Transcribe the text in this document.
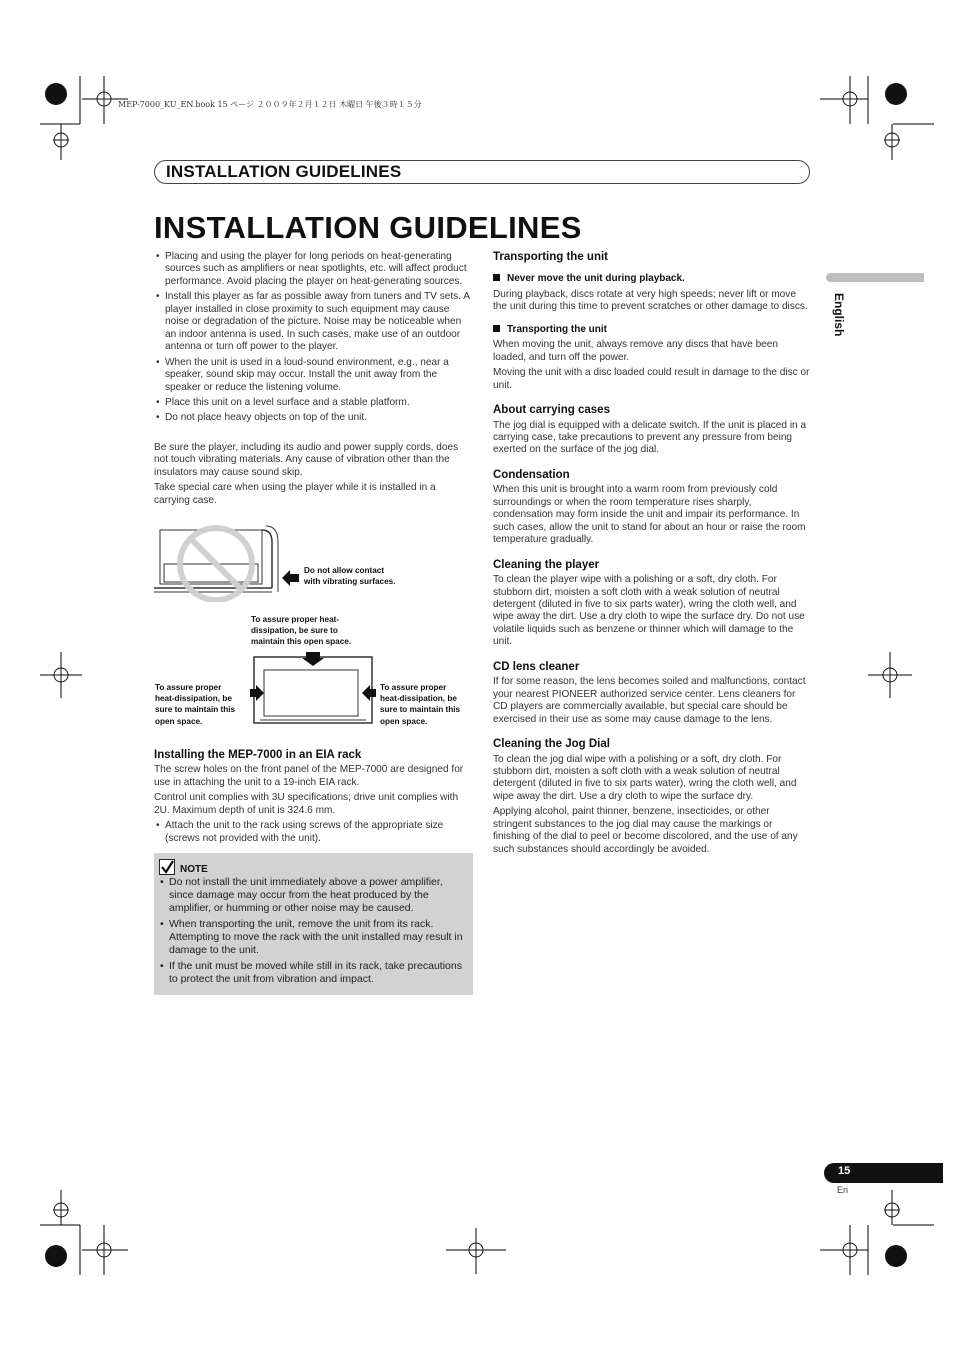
MEP-7000_KU_EN.book 15 ページ ２００９年２月１２日 木曜日 午後３時１５分
INSTALLATION GUIDELINES
INSTALLATION GUIDELINES
English
• Placing and using the player for long periods on heat-generating sources such as amplifiers or near spotlights, etc. will affect product performance. Avoid placing the player on heat-generating sources.
• Install this player as far as possible away from tuners and TV sets. A player installed in close proximity to such equipment may cause noise or degradation of the picture. Noise may be noticeable when an indoor antenna is used. In such cases, make use of an outdoor antenna or turn off power to the player.
• When the unit is used in a loud-sound environment, e.g., near a speaker, sound skip may occur. Install the unit away from the speaker or reduce the listening volume.
• Place this unit on a level surface and a stable platform.
• Do not place heavy objects on top of the unit.

Be sure the player, including its audio and power supply cords, does not touch vibrating materials. Any cause of vibration other than the insulators may cause sound skip.

Take special care when using the player while it is installed in a carrying case.

Do not allow contact
with vibrating surfaces.
To assure proper heat-
dissipation, be sure to
maintain this open space.
To assure proper
heat-dissipation, be
sure to maintain this
open space.
To assure proper
heat-dissipation, be
sure to maintain this
open space.
Installing the MEP-7000 in an EIA rack

The screw holes on the front panel of the MEP-7000 are designed for use in attaching the unit to a 19-inch EIA rack.

Control unit complies with 3U specifications; drive unit complies with 2U. Maximum depth of unit is 324.6 mm.

• Attach the unit to the rack using screws of the appropriate size (screws not provided with the unit).
NOTE
• Do not install the unit immediately above a power amplifier, since damage may occur from the heat produced by the amplifier, or humming or other noise may be caused.
• When transporting the unit, remove the unit from its rack. Attempting to move the rack with the unit installed may result in damage to the unit.
• If the unit must be moved while still in its rack, take precautions to protect the unit from vibration and impact.
Transporting the unit
Never move the unit during playback.

During playback, discs rotate at very high speeds; never lift or move the unit during this time to prevent scratches or other damage to discs.

Transporting the unit

When moving the unit, always remove any discs that have been loaded, and turn off the power.

Moving the unit with a disc loaded could result in damage to the disc or unit.

About carrying cases

The jog dial is equipped with a delicate switch. If the unit is placed in a carrying case, take precautions to prevent any pressure from being exerted on the surface of the jog dial.

Condensation

When this unit is brought into a warm room from previously cold surroundings or when the room temperature rises sharply, condensation may form inside the unit and impair its performance. In such cases, allow the unit to stand for about an hour or raise the room temperature gradually.

Cleaning the player

To clean the player wipe with a polishing or a soft, dry cloth. For stubborn dirt, moisten a soft cloth with a weak solution of neutral detergent (diluted in five to six parts water), wring the cloth well, and wipe away the dirt. Use a dry cloth to wipe the surface dry. Do not use volatile liquids such as benzene or thinner which will damage to the unit.

CD lens cleaner

If for some reason, the lens becomes soiled and malfunctions, contact your nearest PIONEER authorized service center. Lens cleaners for CD players are commercially available, but special care should be exercised in their use as some may cause damage to the lens.

Cleaning the Jog Dial

To clean the jog dial wipe with a polishing or a soft, dry cloth. For stubborn dirt, moisten a soft cloth with a weak solution of neutral detergent (diluted in five to six parts water), wring the cloth well, and wipe away the dirt. Use a dry cloth to wipe the surface dry.

Applying alcohol, paint thinner, benzene, insecticides, or other stringent substances to the jog dial may cause the markings or finishing of the dial to peel or become discolored, and the use of any such substances should accordingly be avoided.

15
En
